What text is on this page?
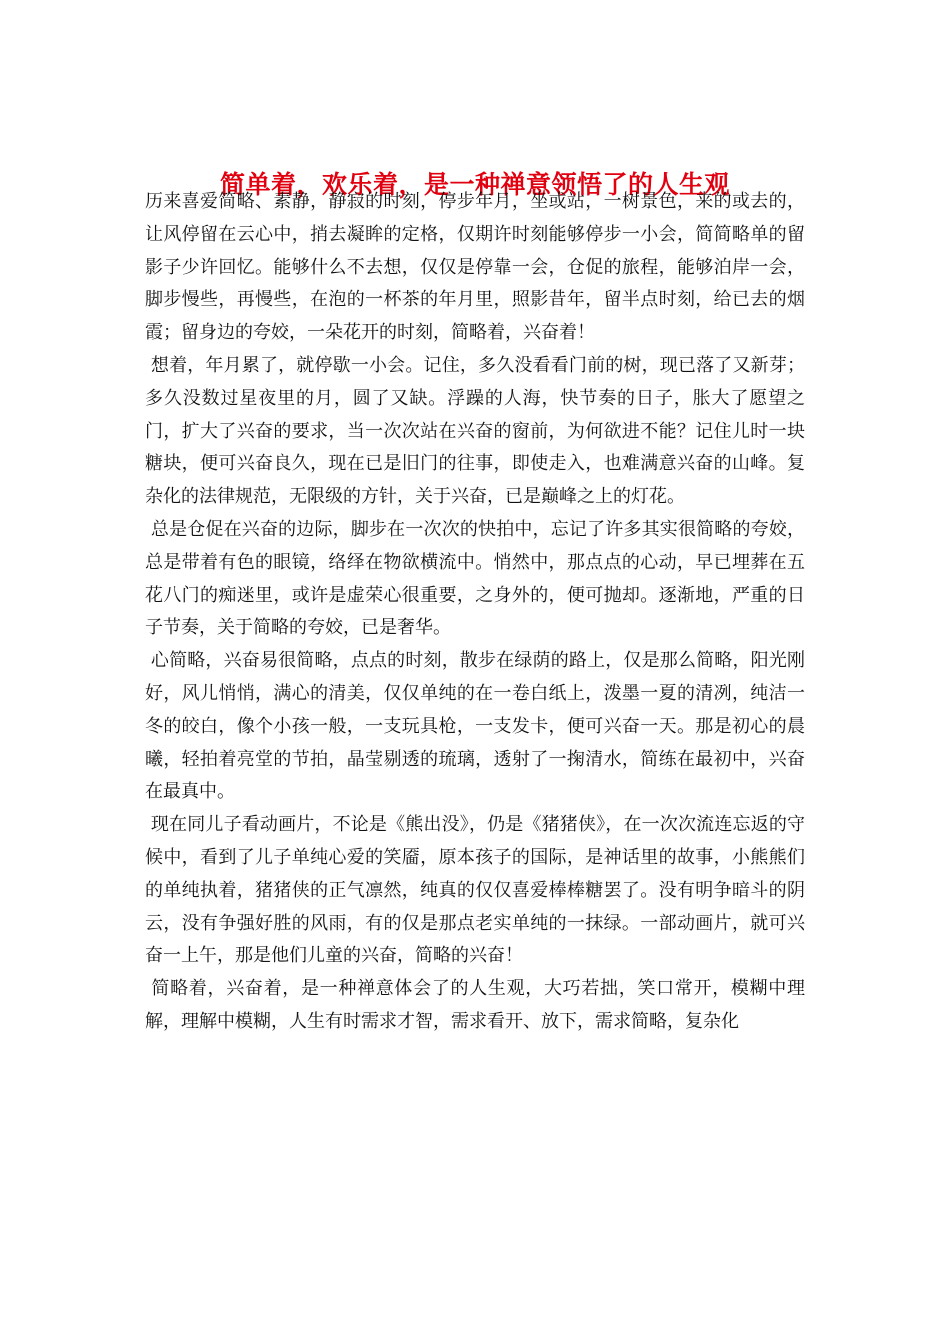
简单着，欢乐着，是一种禅意领悟了的人生观

历来喜爱简略、素静，静寂的时刻，停步年月，坐或站，一树景色，来的或去的，让风停留在云心中，捎去凝眸的定格，仅期许时刻能够停步一小会，简简略单的留影子少许回忆。能够什么不去想，仅仅是停靠一会，仓促的旅程，能够泊岸一会，脚步慢些，再慢些，在泡的一杯茶的年月里，照影昔年，留半点时刻，给已去的烟霞；留身边的夸姣，一朵花开的时刻，简略着，兴奋着！

想着，年月累了，就停歇一小会。记住，多久没看看门前的树，现已落了又新芽；多久没数过星夜里的月，圆了又缺。浮躁的人海，快节奏的日子，胀大了愿望之门，扩大了兴奋的要求，当一次次站在兴奋的窗前，为何欲进不能？记住儿时一块糖块，便可兴奋良久，现在已是旧门的往事，即使走入，也难满意兴奋的山峰。复杂化的法律规范，无限级的方针，关于兴奋，已是巅峰之上的灯花。

总是仓促在兴奋的边际，脚步在一次次的快拍中，忘记了许多其实很简略的夸姣，总是带着有色的眼镜，络绎在物欲横流中。悄然中，那点点的心动，早已埋葬在五花八门的痴迷里，或许是虚荣心很重要，之身外的，便可抛却。逐渐地，严重的日子节奏，关于简略的夸姣，已是奢华。

心简略，兴奋易很简略，点点的时刻，散步在绿荫的路上，仅是那么简略，阳光刚好，风儿悄悄，满心的清美，仅仅单纯的在一卷白纸上，泼墨一夏的清冽，纯洁一冬的皎白，像个小孩一般，一支玩具枪，一支发卡，便可兴奋一天。那是初心的晨曦，轻拍着亮堂的节拍，晶莹剔透的琉璃，透射了一掬清水，简练在最初中，兴奋在最真中。

现在同儿子看动画片，不论是《熊出没》，仍是《猪猪侠》，在一次次流连忘返的守候中，看到了儿子单纯心爱的笑靥，原本孩子的国际，是神话里的故事，小熊熊们的单纯执着，猪猪侠的正气凛然，纯真的仅仅喜爱棒棒糖罢了。没有明争暗斗的阴云，没有争强好胜的风雨，有的仅是那点老实单纯的一抹绿。一部动画片，就可兴奋一上午，那是他们儿童的兴奋，简略的兴奋！

简略着，兴奋着，是一种禅意体会了的人生观，大巧若拙，笑口常开，模糊中理解，理解中模糊，人生有时需求才智，需求看开、放下，需求简略，复杂化
